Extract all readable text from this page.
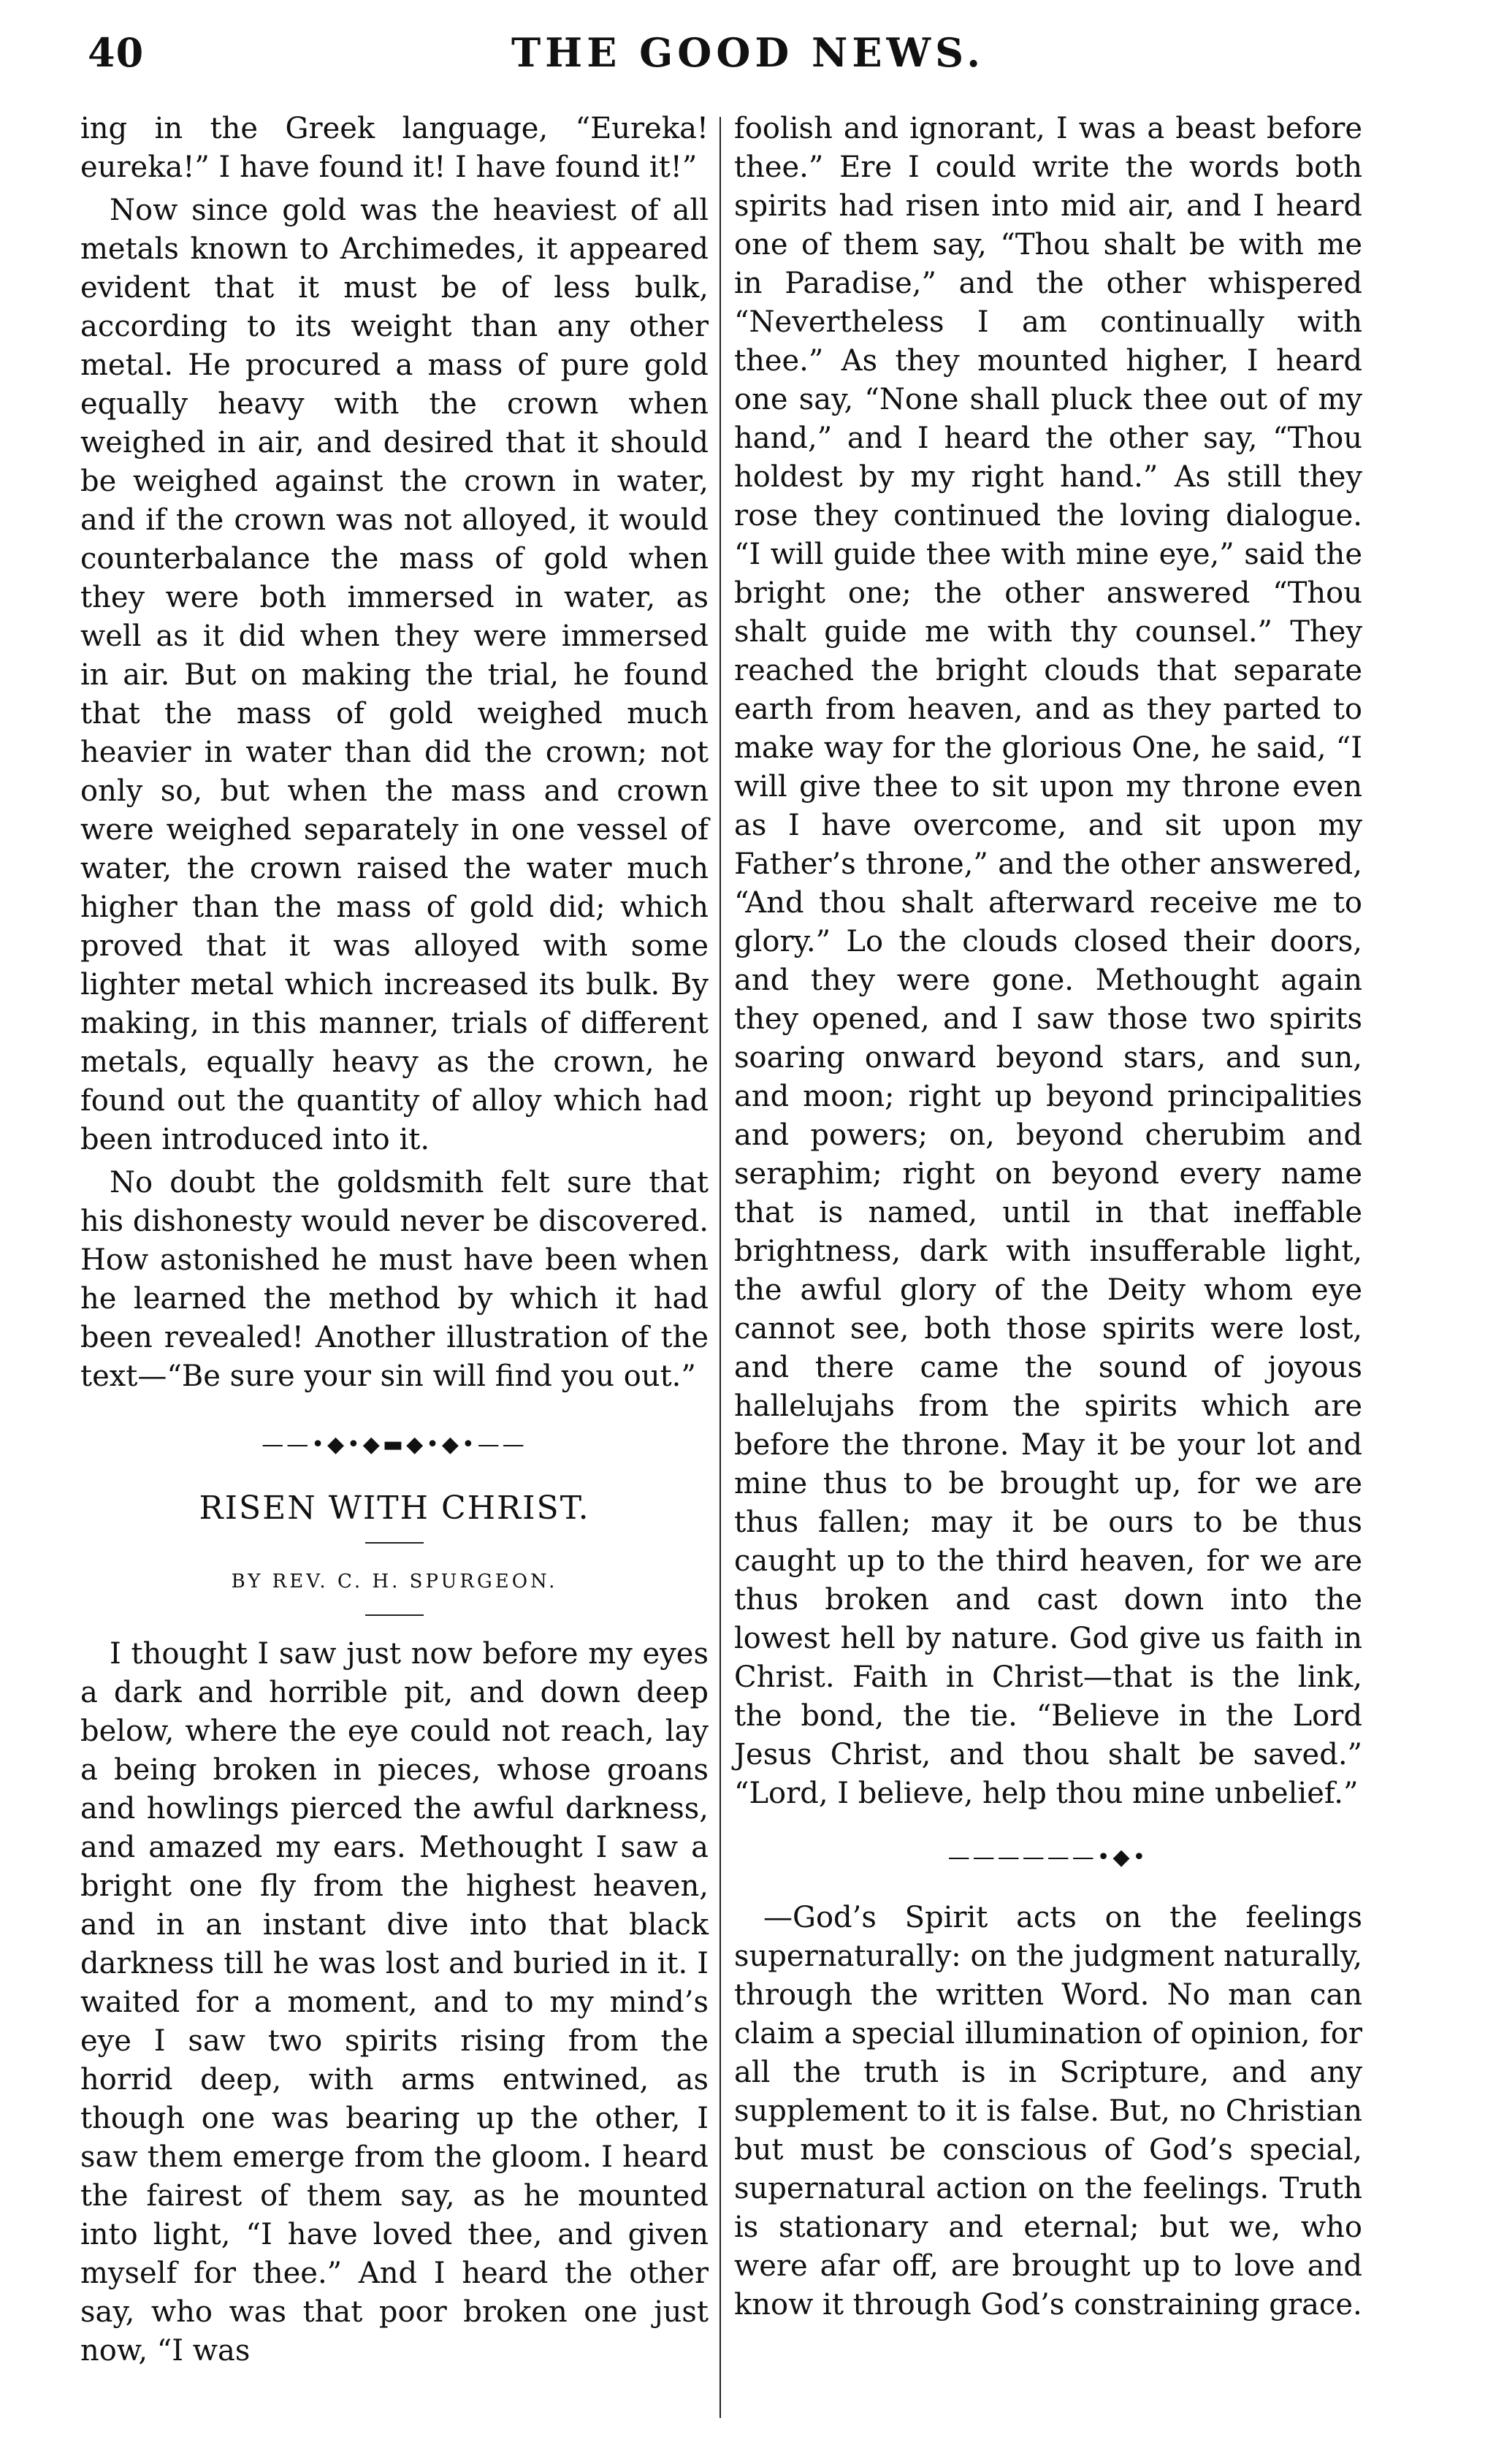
40	THE GOOD NEWS.

ing in the Greek language, “Eureka! eureka!” I have found it! I have found it!”

Now since gold was the heaviest of all metals known to Archimedes, it appeared evident that it must be of less bulk, according to its weight than any other metal. He procured a mass of pure gold equally heavy with the crown when weighed in air, and desired that it should be weighed against the crown in water, and if the crown was not alloyed, it would counterbalance the mass of gold when they were both immersed in water, as well as it did when they were immersed in air. But on making the trial, he found that the mass of gold weighed much heavier in water than did the crown; not only so, but when the mass and crown were weighed separately in one vessel of water, the crown raised the water much higher than the mass of gold did; which proved that it was alloyed with some lighter metal which increased its bulk. By making, in this manner, trials of different metals, equally heavy as the crown, he found out the quantity of alloy which had been introduced into it.

No doubt the goldsmith felt sure that his dishonesty would never be discovered. How astonished he must have been when he learned the method by which it had been revealed! Another illustration of the text—“Be sure your sin will find you out.”

——•◆•◆▬◆•◆•——
RISEN WITH CHRIST.
BY REV. C. H. SPURGEON.

I thought I saw just now before my eyes a dark and horrible pit, and down deep below, where the eye could not reach, lay a being broken in pieces, whose groans and howlings pierced the awful darkness, and amazed my ears. Methought I saw a bright one fly from the highest heaven, and in an instant dive into that black darkness till he was lost and buried in it. I waited for a moment, and to my mind’s eye I saw two spirits rising from the horrid deep, with arms entwined, as though one was bearing up the other, I saw them emerge from the gloom. I heard the fairest of them say, as he mounted into light, “I have loved thee, and given myself for thee.” And I heard the other say, who was that poor broken one just now, “I was

foolish and ignorant, I was a beast before thee.” Ere I could write the words both spirits had risen into mid air, and I heard one of them say, “Thou shalt be with me in Paradise,” and the other whispered “Nevertheless I am continually with thee.” As they mounted higher, I heard one say, “None shall pluck thee out of my hand,” and I heard the other say, “Thou holdest by my right hand.” As still they rose they continued the loving dialogue. “I will guide thee with mine eye,” said the bright one; the other answered “Thou shalt guide me with thy counsel.” They reached the bright clouds that separate earth from heaven, and as they parted to make way for the glorious One, he said, “I will give thee to sit upon my throne even as I have overcome, and sit upon my Father’s throne,” and the other answered, “And thou shalt afterward receive me to glory.” Lo the clouds closed their doors, and they were gone. Methought again they opened, and I saw those two spirits soaring onward beyond stars, and sun, and moon; right up beyond principalities and powers; on, beyond cherubim and seraphim; right on beyond every name that is named, until in that ineffable brightness, dark with insufferable light, the awful glory of the Deity whom eye cannot see, both those spirits were lost, and there came the sound of joyous hallelujahs from the spirits which are before the throne. May it be your lot and mine thus to be brought up, for we are thus fallen; may it be ours to be thus caught up to the third heaven, for we are thus broken and cast down into the lowest hell by nature. God give us faith in Christ. Faith in Christ—that is the link, the bond, the tie. “Believe in the Lord Jesus Christ, and thou shalt be saved.” “Lord, I believe, help thou mine unbelief.”

——————•◆•

—God’s Spirit acts on the feelings supernaturally: on the judgment naturally, through the written Word. No man can claim a special illumination of opinion, for all the truth is in Scripture, and any supplement to it is false. But, no Christian but must be conscious of God’s special, supernatural action on the feelings. Truth is stationary and eternal; but we, who were afar off, are brought up to love and know it through God’s constraining grace.
